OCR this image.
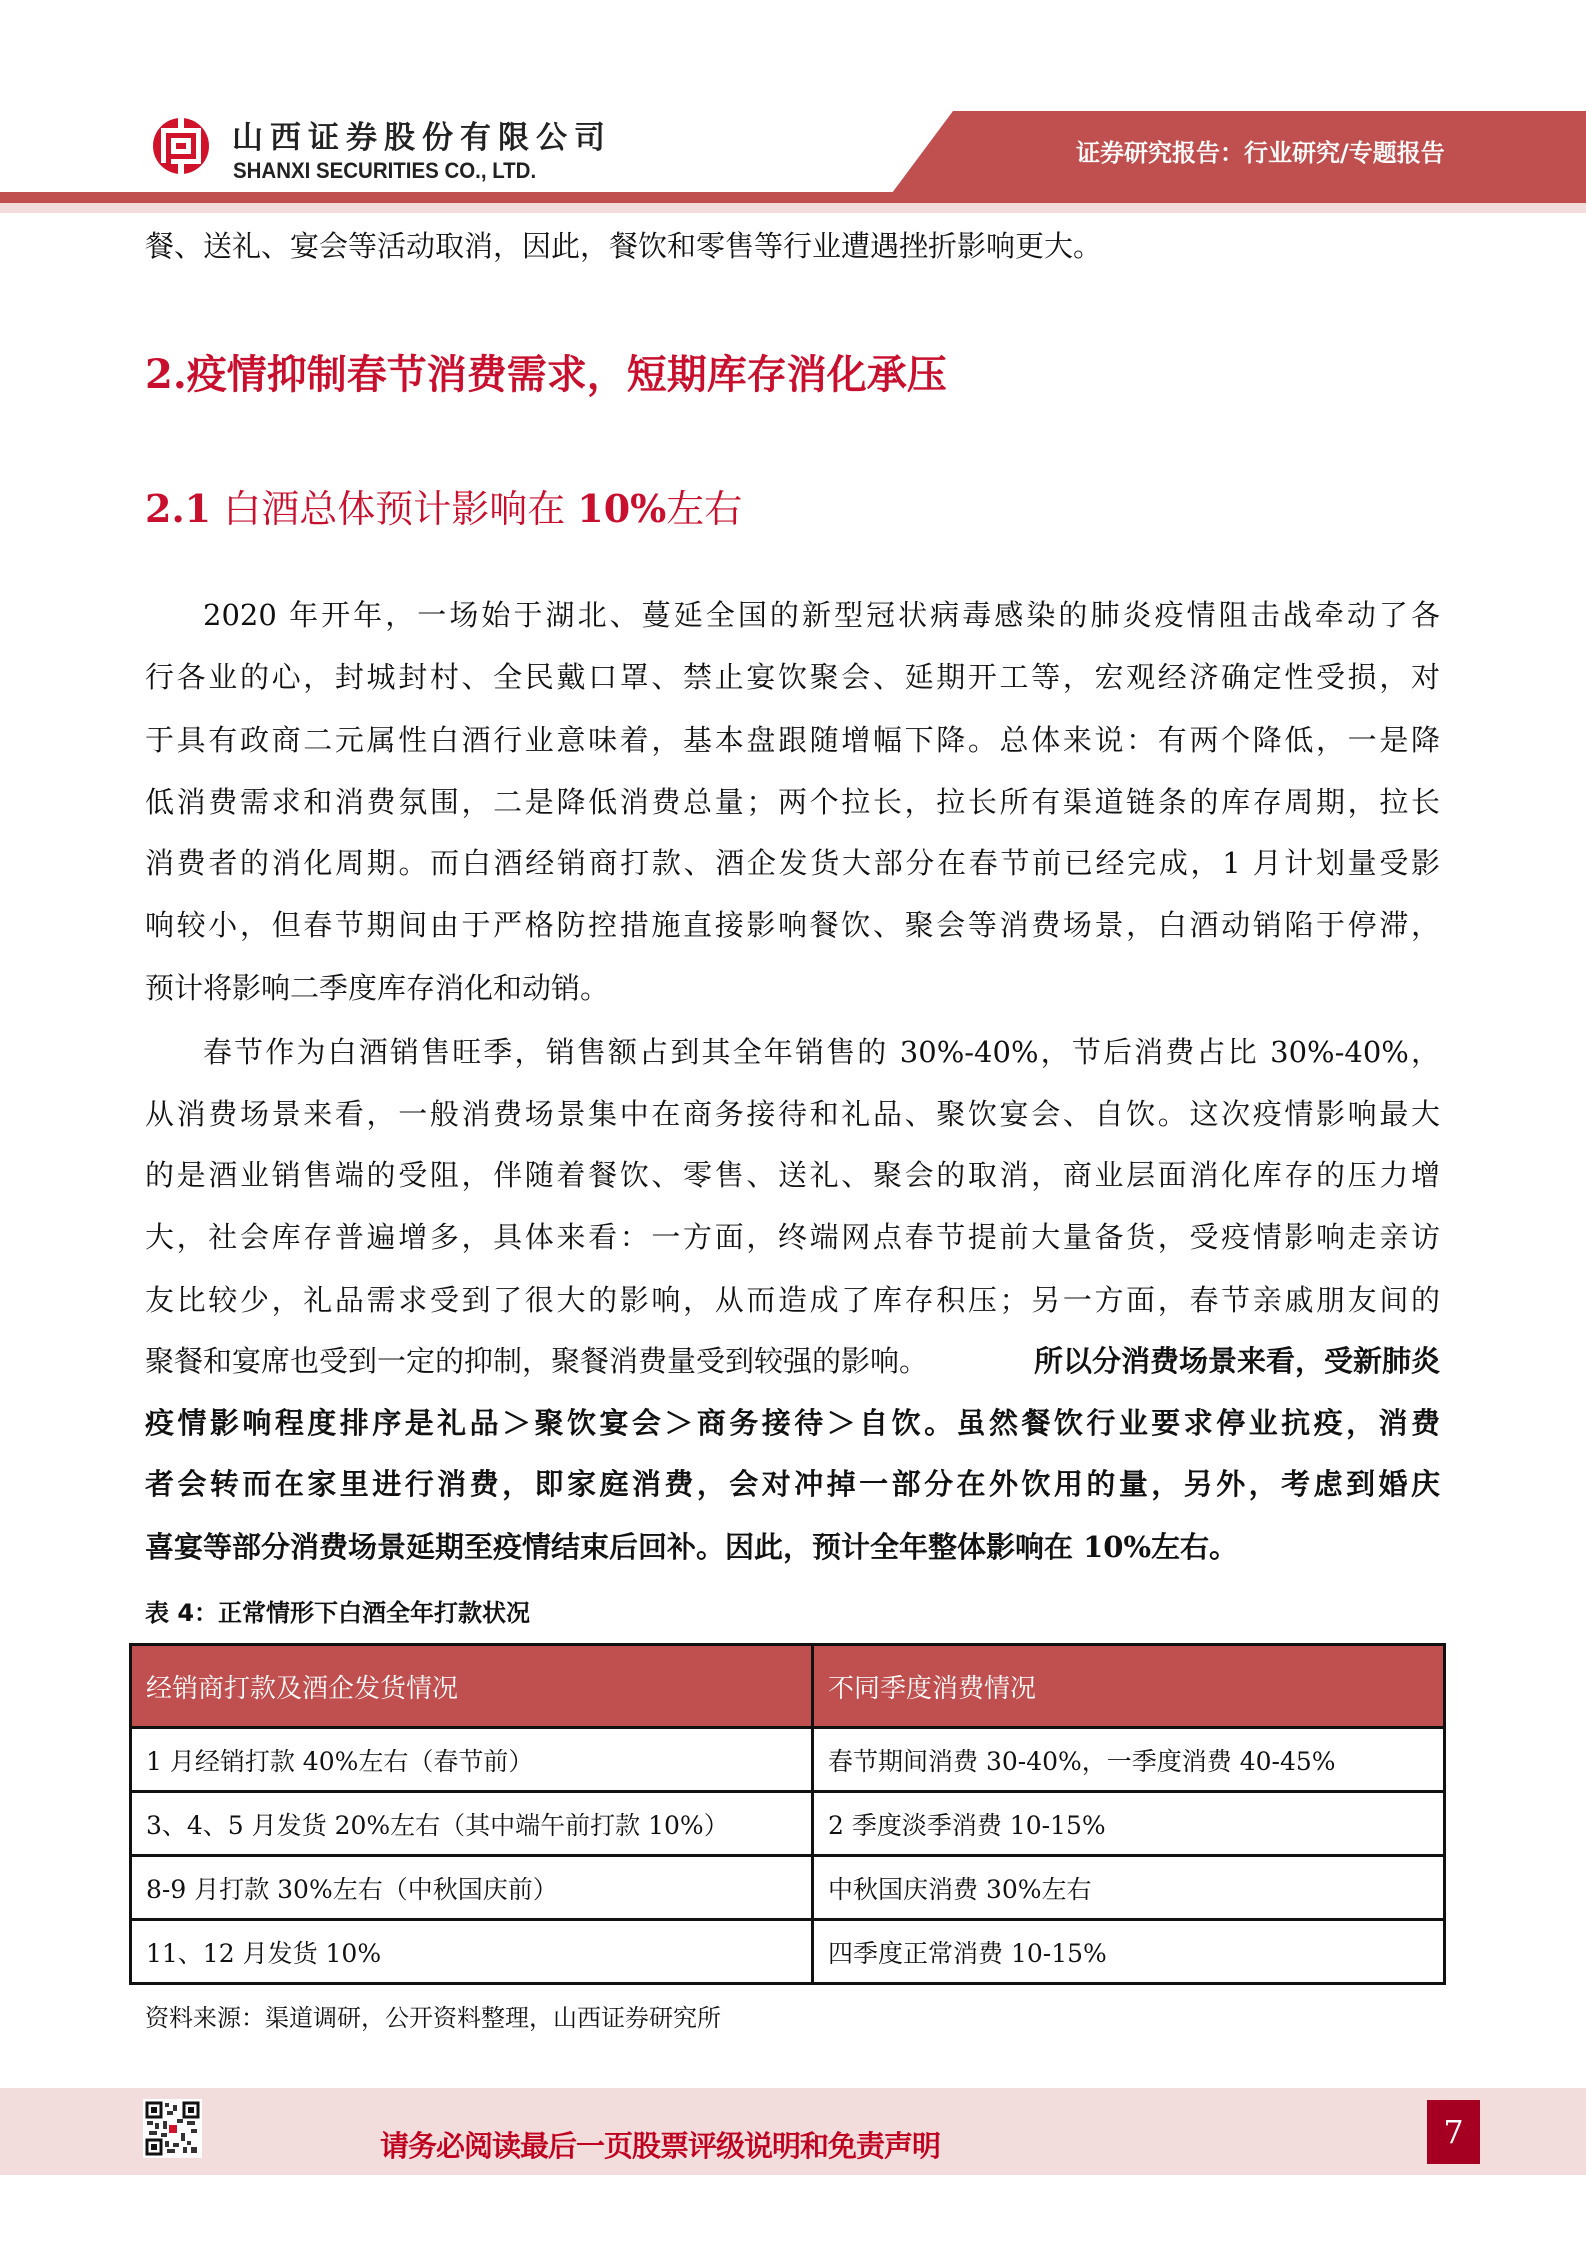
山西证券股份有限公司
SHANXI SECURITIES CO., LTD.
证券研究报告：行业研究/专题报告
餐、送礼、宴会等活动取消，因此，餐饮和零售等行业遭遇挫折影响更大。
2.疫情抑制春节消费需求，短期库存消化承压
2.1 白酒总体预计影响在 10%左右
2020 年开年，一场始于湖北、蔓延全国的新型冠状病毒感染的肺炎疫情阻击战牵动了各
行各业的心，封城封村、全民戴口罩、禁止宴饮聚会、延期开工等，宏观经济确定性受损，对
于具有政商二元属性白酒行业意味着，基本盘跟随增幅下降。总体来说：有两个降低，一是降
低消费需求和消费氛围，二是降低消费总量；两个拉长，拉长所有渠道链条的库存周期，拉长
消费者的消化周期。而白酒经销商打款、酒企发货大部分在春节前已经完成，1 月计划量受影
响较小，但春节期间由于严格防控措施直接影响餐饮、聚会等消费场景，白酒动销陷于停滞，
预计将影响二季度库存消化和动销。
春节作为白酒销售旺季，销售额占到其全年销售的 30%-40%，节后消费占比 30%-40%，
从消费场景来看，一般消费场景集中在商务接待和礼品、聚饮宴会、自饮。这次疫情影响最大
的是酒业销售端的受阻，伴随着餐饮、零售、送礼、聚会的取消，商业层面消化库存的压力增
大，社会库存普遍增多，具体来看：一方面，终端网点春节提前大量备货，受疫情影响走亲访
友比较少，礼品需求受到了很大的影响，从而造成了库存积压；另一方面，春节亲戚朋友间的
聚餐和宴席也受到一定的抑制，聚餐消费量受到较强的影响。	所以分消费场景来看，受新肺炎
疫情影响程度排序是礼品＞聚饮宴会＞商务接待＞自饮。虽然餐饮行业要求停业抗疫，消费
者会转而在家里进行消费，即家庭消费，会对冲掉一部分在外饮用的量，另外，考虑到婚庆
喜宴等部分消费场景延期至疫情结束后回补。因此，预计全年整体影响在 10%左右。
表 4：正常情形下白酒全年打款状况
经销商打款及酒企发货情况	不同季度消费情况
1 月经销打款 40%左右（春节前）	春节期间消费 30-40%，一季度消费 40-45%
3、4、5 月发货 20%左右（其中端午前打款 10%）	2 季度淡季消费 10-15%
8-9 月打款 30%左右（中秋国庆前）	中秋国庆消费 30%左右
11、12 月发货 10%	四季度正常消费 10-15%
资料来源：渠道调研，公开资料整理，山西证券研究所
请务必阅读最后一页股票评级说明和免责声明	7
